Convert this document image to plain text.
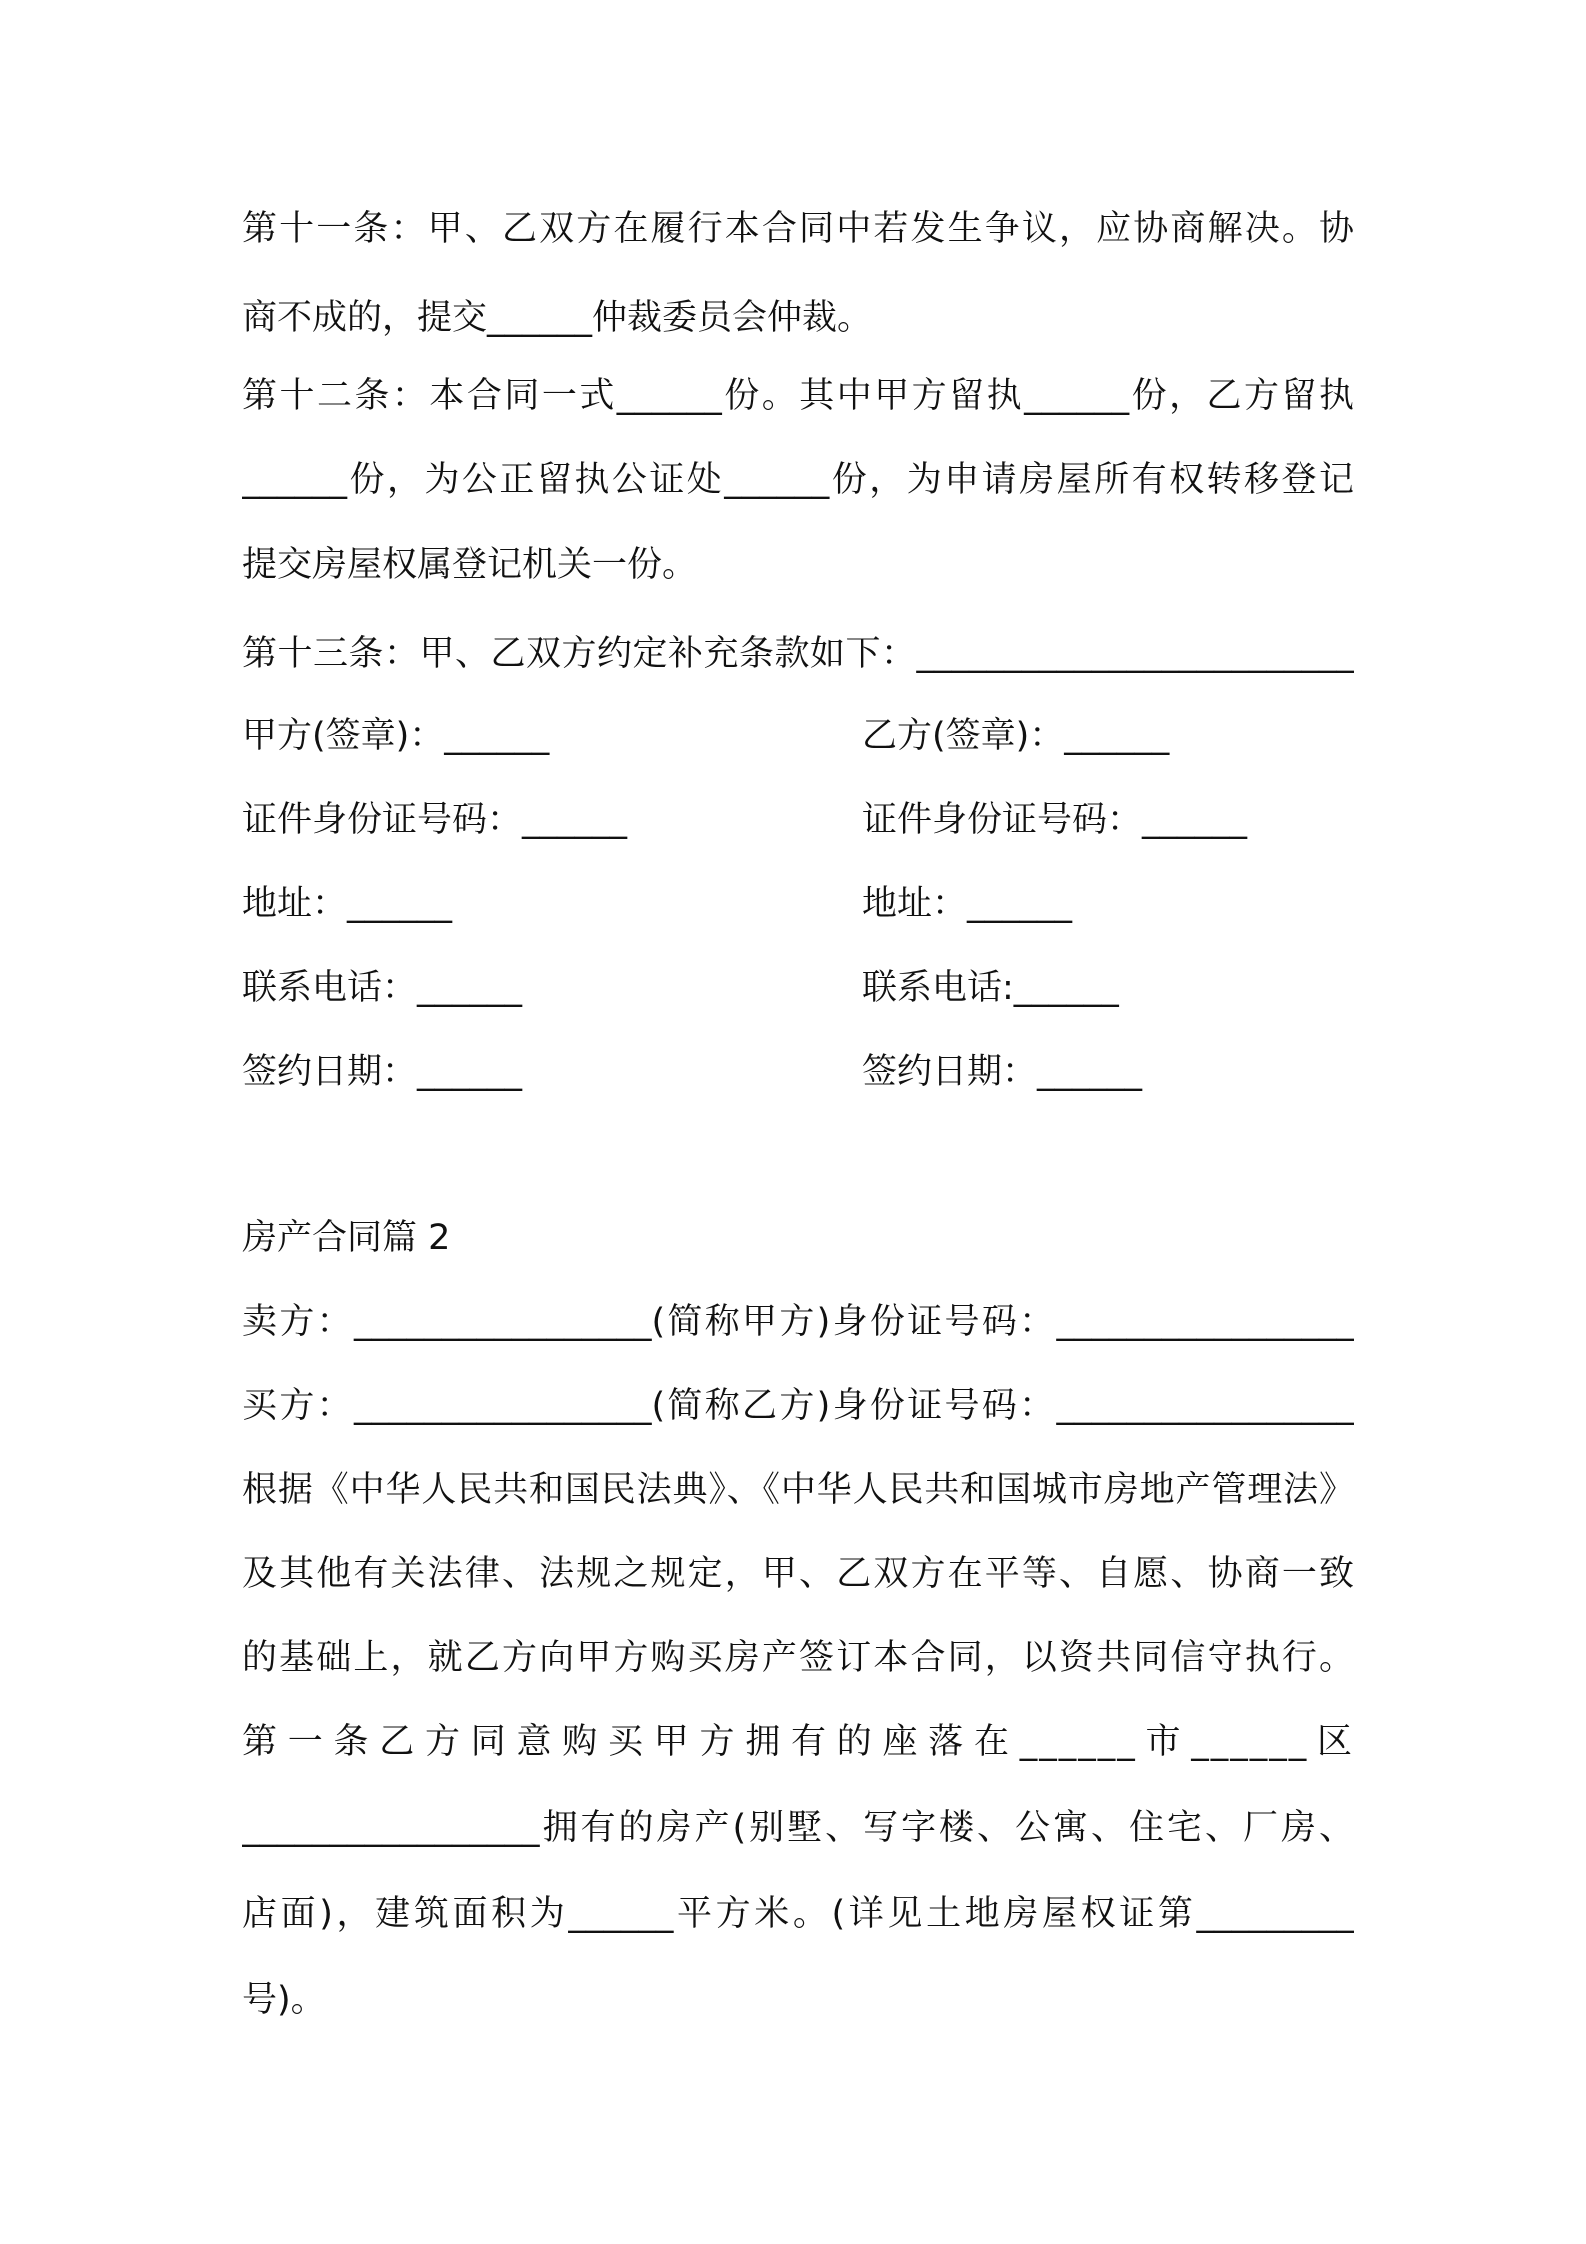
第十一条：甲、乙双方在履行本合同中若发生争议，应协商解决。协
商不成的，提交______仲裁委员会仲裁。
第十二条：本合同一式______份。其中甲方留执______份，乙方留执
______份，为公正留执公证处______份，为申请房屋所有权转移登记
提交房屋权属登记机关一份。
第十三条：甲、乙双方约定补充条款如下：_________________________
甲方(签章)：______	乙方(签章)：______
证件身份证号码：______	证件身份证号码：______
地址：______	地址：______
联系电话：______	联系电话:______
签约日期：______	签约日期：______
房产合同篇 2
卖方：_________________(简称甲方)身份证号码：_________________
买方：_________________(简称乙方)身份证号码：_________________
根据《中华人民共和国民法典》、《中华人民共和国城市房地产管理法》
及其他有关法律、法规之规定，甲、乙双方在平等、自愿、协商一致
的基础上，就乙方向甲方购买房产签订本合同，以资共同信守执行。
第一条乙方同意购买甲方拥有的座落在______市______区
_________________拥有的房产(别墅、写字楼、公寓、住宅、厂房、
店面)，建筑面积为______平方米。(详见土地房屋权证第_________
号)。
